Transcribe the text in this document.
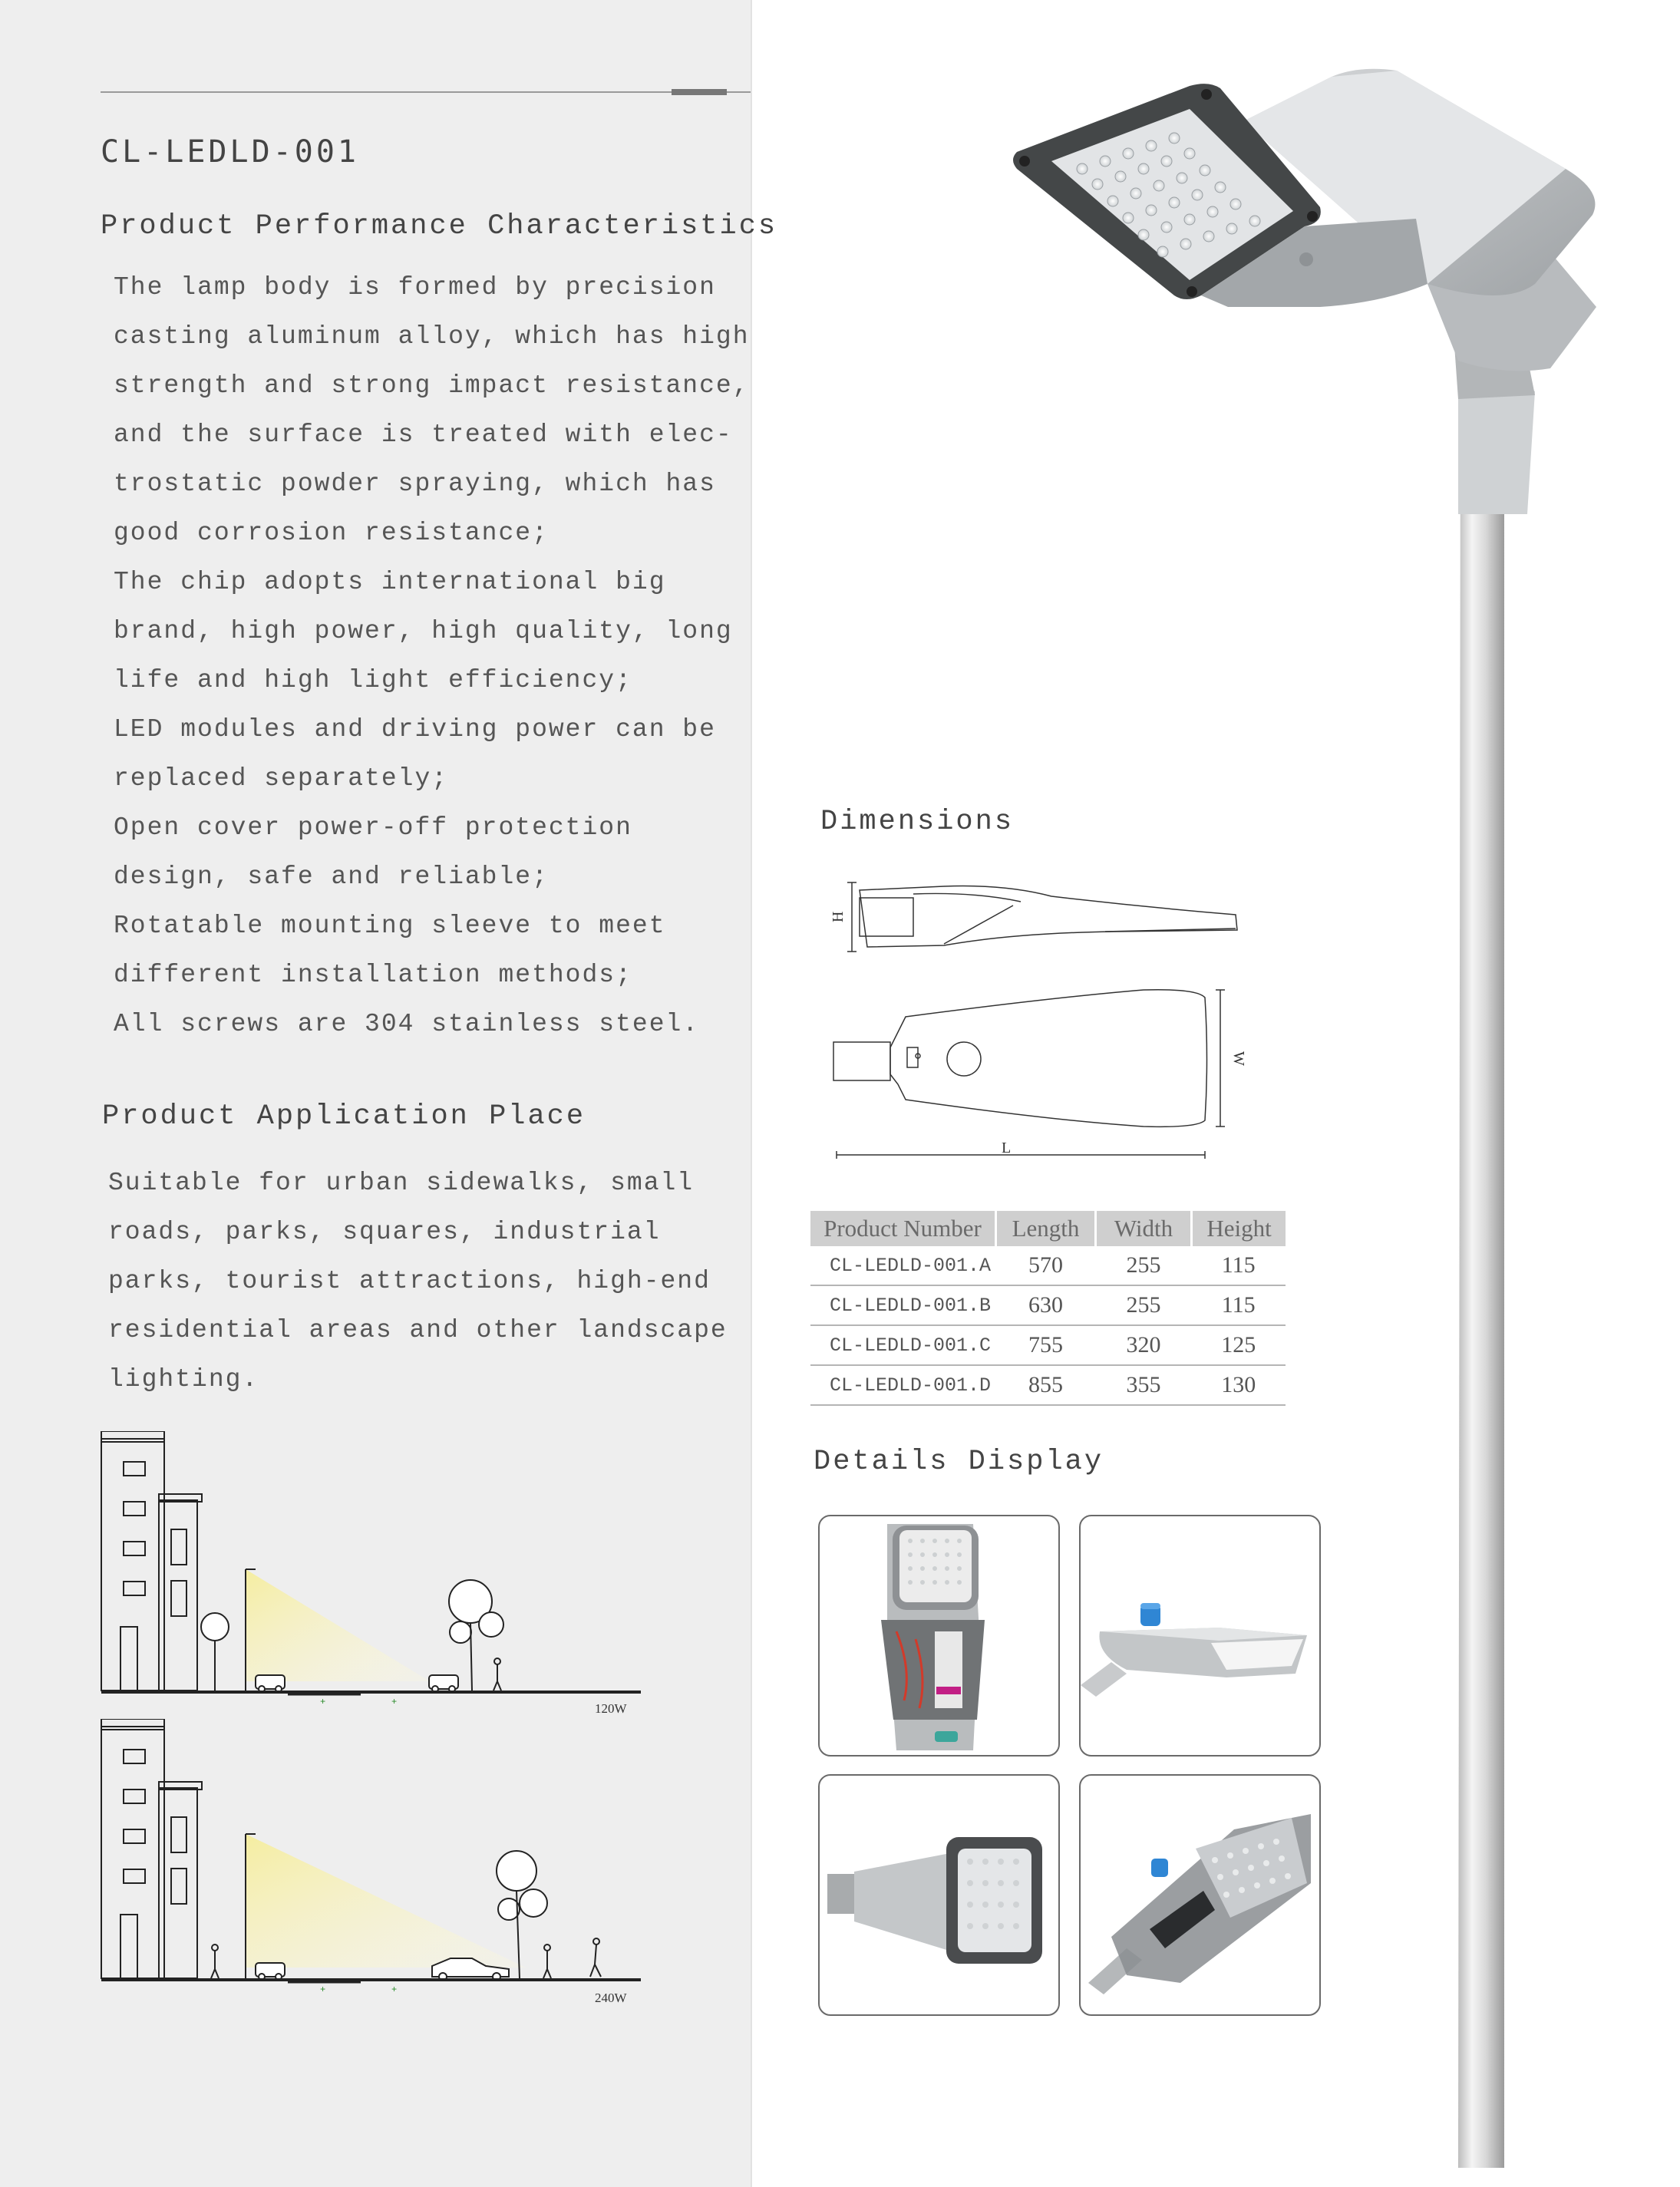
CL-LEDLD-001
Product Performance Characteristics
The lamp body is formed by precision
casting aluminum alloy, which has high
strength and strong impact resistance,
and the surface is treated with elec-
trostatic powder spraying, which has
good corrosion resistance;
The chip adopts international big
brand, high power, high quality, long
life and high light efficiency;
LED modules and driving power can be
replaced separately;
Open cover power-off protection
design, safe and reliable;
Rotatable mounting sleeve to meet
different installation methods;
All screws are 304 stainless steel.
Product Application Place
Suitable for urban sidewalks, small
roads, parks, squares, industrial
parks, tourist attractions, high-end
residential areas and other landscape
lighting.
+	+	120W
+	+
240W
Dimensions
H
W
L
Product Number	Length	Width	Height
CL-LEDLD-001.A	570	255	115
CL-LEDLD-001.B	630	255	115
CL-LEDLD-001.C	755	320	125
CL-LEDLD-001.D	855	355	130
Details Display
